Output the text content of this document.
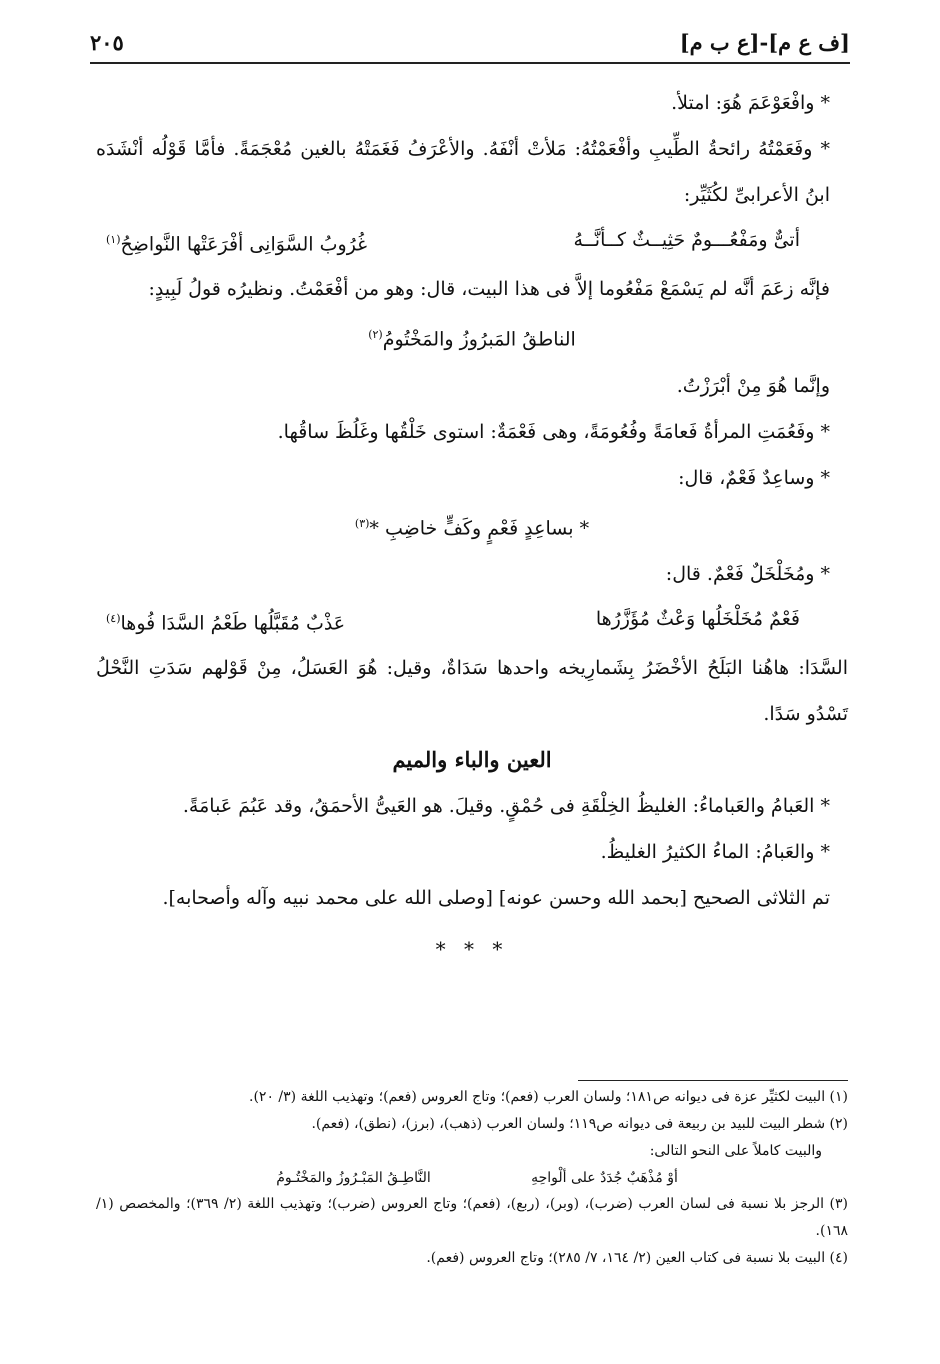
[ف ع م]-[ع ب م]
٢٠٥

* وافْعَوْعَمَ هُوَ: امتلأ.

* وفَعَمْتُهُ رائحةُ الطِّيبِ وأفْعَمْتُهُ: مَلأتْ أنْفَهُ. والأعْرَفُ فَغَمَتْهُ بالغين مُعْجَمَةً. فأمَّا قَوْلُه أنْشَدَه ابنُ الأعرابىِّ لكُثَيِّر:

أتىٌّ ومَفْعُـــومٌ حَثِيــثٌ كــأنَّــهُ
غُرُوبُ السَّوَانِى أفْرَعَتْها النَّواضِحُ$^{(١)}$

فإنَّه زعَمَ أنَّه لم يَسْمَعْ مَفْعُوما إلاَّ فى هذا البيت، قال: وهو من أفْعَمْتُ. ونظيرُه قولُ لَبِيدٍ:

الناطقُ المَبرُوزُ والمَخْتُومُ$^{(٢)}$

وإنَّما هُوَ مِنْ أبْرَزْتُ.

* وفَعُمَتِ المرأةُ فَعامَةً وفُعُومَةً، وهى فَعْمَةٌ: استوى خَلْقُها وغَلُظَ ساقُها.

* وساعِدٌ فَعْمٌ، قال:

* بساعِدٍ فَعْمٍ وكَفٍّ خاضِبِ *$^{(٣)}$

* ومُخَلْخَلٌ فَعْمٌ. قال:

فَعْمٌ مُخَلْخَلُها وَعْثٌ مُؤَزَّرُها
عَذْبٌ مُقَبَّلُها طَعْمُ السَّدَا فُوها$^{(٤)}$

السَّدَا: هاهُنا البَلَحُ الأخْضَرُ بِشَمارِيخه واحدها سَدَاةٌ، وقيل: هُوَ العَسَلُ، مِنْ قَوْلهم سَدَتِ النَّحْلُ تَسْدُو سَدًا.

العين والباء والميم

* العَبامُ والعَباماءُ: الغليظُ الخِلْقَةِ فى حُمْقٍ. وقيلَ. هو العَيىُّ الأحمَقُ، وقد عَبُمَ عَبامَةً.

* والعَبامُ: الماءُ الكثيرُ الغليظُ.

تم الثلاثى الصحيح [بحمد الله وحسن عونه] [وصلى الله على محمد نبيه وآله وأصحابه].

* * *

(١) البيت لكثيِّر عزة فى ديوانه ص١٨١؛ ولسان العرب (فعم)؛ وتاج العروس (فعم)؛ وتهذيب اللغة (٣/ ٢٠).

(٢) شطر البيت للبيد بن ربيعة فى ديوانه ص١١٩؛ ولسان العرب (ذهب)، (برز)، (نطق)، (فعم).

والبيت كاملاً على النحو التالى:

أوْ مُذْهَبٌ جُدَدٌ على ألْواحِهِ
النَّاطِـقُ المَبْـرُوزُ والمَخْتُـومُ

(٣) الرجز بلا نسبة فى لسان العرب (ضرب)، (وبر)، (ربع)، (فعم)؛ وتاج العروس (ضرب)؛ وتهذيب اللغة (٢/ ٣٦٩)؛ والمخصص (١/ ١٦٨).

(٤) البيت بلا نسبة فى كتاب العين (٢/ ١٦٤، ٧/ ٢٨٥)؛ وتاج العروس (فعم).
